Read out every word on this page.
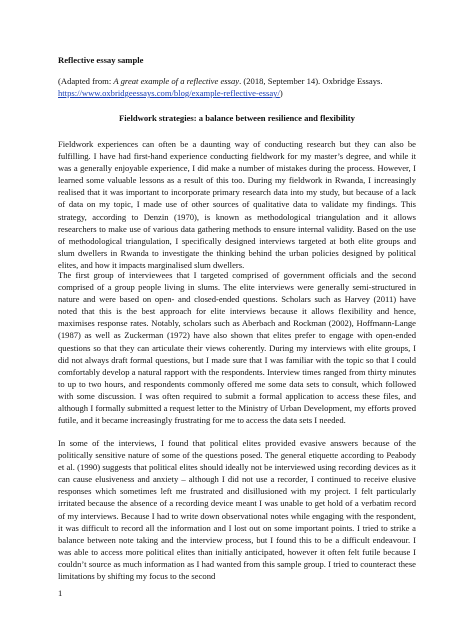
Reflective essay sample
(Adapted from: A great example of a reflective essay. (2018, September 14). Oxbridge Essays.
https://www.oxbridgeessays.com/blog/example-reflective-essay/)
Fieldwork strategies: a balance between resilience and flexibility
Fieldwork experiences can often be a daunting way of conducting research but they can also be fulfilling. I have had first-hand experience conducting fieldwork for my master’s degree, and while it was a generally enjoyable experience, I did make a number of mistakes during the process. However, I learned some valuable lessons as a result of this too. During my fieldwork in Rwanda, I increasingly realised that it was important to incorporate primary research data into my study, but because of a lack of data on my topic, I made use of other sources of qualitative data to validate my findings. This strategy, according to Denzin (1970), is known as methodological triangulation and it allows researchers to make use of various data gathering methods to ensure internal validity. Based on the use of methodological triangulation, I specifically designed interviews targeted at both elite groups and slum dwellers in Rwanda to investigate the thinking behind the urban policies designed by political elites, and how it impacts marginalised slum dwellers.
The first group of interviewees that I targeted comprised of government officials and the second comprised of a group people living in slums. The elite interviews were generally semi-structured in nature and were based on open- and closed-ended questions. Scholars such as Harvey (2011) have noted that this is the best approach for elite interviews because it allows flexibility and hence, maximises response rates. Notably, scholars such as Aberbach and Rockman (2002), Hoffmann-Lange (1987) as well as Zuckerman (1972) have also shown that elites prefer to engage with open-ended questions so that they can articulate their views coherently. During my interviews with elite groups, I did not always draft formal questions, but I made sure that I was familiar with the topic so that I could comfortably develop a natural rapport with the respondents. Interview times ranged from thirty minutes to up to two hours, and respondents commonly offered me some data sets to consult, which followed with some discussion. I was often required to submit a formal application to access these files, and although I formally submitted a request letter to the Ministry of Urban Development, my efforts proved futile, and it became increasingly frustrating for me to access the data sets I needed.
In some of the interviews, I found that political elites provided evasive answers because of the politically sensitive nature of some of the questions posed. The general etiquette according to Peabody et al. (1990) suggests that political elites should ideally not be interviewed using recording devices as it can cause elusiveness and anxiety – although I did not use a recorder, I continued to receive elusive responses which sometimes left me frustrated and disillusioned with my project. I felt particularly irritated because the absence of a recording device meant I was unable to get hold of a verbatim record of my interviews. Because I had to write down observational notes while engaging with the respondent, it was difficult to record all the information and I lost out on some important points. I tried to strike a balance between note taking and the interview process, but I found this to be a difficult endeavour. I was able to access more political elites than initially anticipated, however it often felt futile because I couldn’t source as much information as I had wanted from this sample group. I tried to counteract these limitations by shifting my focus to the second
1
